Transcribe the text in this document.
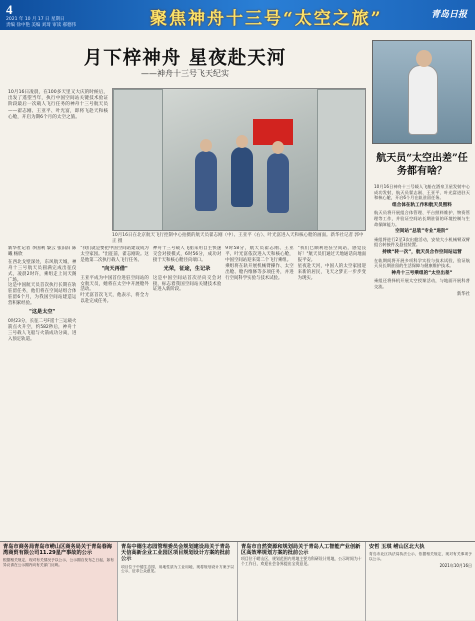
4
2021 年 10 月 17 日 星期日
责编 徐中艳 美编 刘琦 审读 郝德伟	聚焦神舟十三号“太空之旅”	青岛日报
月下梓神舟 星夜赴天河
——神舟十三号飞天纪实
10月16日凌晨，在100多天里又大庆的时候后，出发了遥望当年，执行中国空间站关键技术验证阶段最后一次载人飞行任务的神舟十三号航天员——翟志刚、王亚平、叶光富，即将飞赴天和核心舱，开启为期6个月的太空之旅。
10月16日在北京航天飞行控制中心拍摄的航天员翟志刚（中）、王亚平（右）、叶光富进入天和核心舱的画面。新华社记者 郭中正 摄
新华社记者 李国利 黎云 张汨汨 陈曦 杨欣

在西北戈壁深处，东风航天城，神舟十三号航天员圆满完成出征仪式，凌晨2时许，乘组走上问天阁广场。

这是中国航天员首次执行长期在轨驻留任务，他们将在空间站组合体驻留6个月，为我国空间站建造运营积累经验。

"这是太空"

0时23分，长征二号F遥十三运载火箭点火升空，约582秒后，神舟十三号载人飞船与火箭成功分离，进入预定轨道。

"我们就是要把中国空间站建设成为太空家园。"出征前，翟志刚说。这是他第二次执行载人飞行任务。

"向天再借"

王亚平成为中国首位进驻空间站的女航天员，她将在太空中开展舱外活动。

叶光富首次飞天，他表示，将全力以赴完成任务。

神舟十三号载人飞船采用自主快速交会对接模式，6时56分，成功对接于天和核心舱径向端口。

光荣，征途，生记录

这是中国空间站首次径向交会对接，标志着我国空间站关键技术验证进入新阶段。

9时58分，航天员翟志刚、王亚平、叶光富依次进入天和核心舱，中国空间站迎来第二个飞行乘组。

乘组将在轨开展机械臂操作、太空出舱、舱内维修等多项任务，并进行空间科学实验与技术试验。

"我们已顺利进驻空间站，感觉良好！"航天员们通过天地通话向地面报平安。

星夜赴天河，中国人的太空家园迎来新的居民，飞天之梦正一步步变为现实。

航天员“太空出差”任务都有啥？

10月16日神舟十三号载人飞船在酒泉卫星发射中心成功发射，航天员翟志刚、王亚平、叶光富进驻天和核心舱，开启6个月在轨驻留任务。

组合体在轨工作和航天员照料

航天员将开展组合体管理、平台照料维护、物资管理等工作，并验证空间站长期驻留的环境控制与生命保障能力。

空间站“总装”专业“进阶”

乘组将进行2至3次出舱活动，安装大小机械臂双臂组合转接件及悬挂装置。

持续“转一次”，航天员合作空间站运营

在轨期间将开展多项科学实验与技术试验，验证航天员长期驻留的生活保障与健康维护技术。

神舟十三号乘组的“太空出差”

乘组还将择机开展太空授课活动，与地面开展科普交流。

新华社
青岛市商务局青岛市崂山区商务局关于青岛春海湾商贸有限公司11.29星产事故的公示
根据相关规定，现对有关情况予以公示，公示期自发布之日起，如有异议请在公示期内向有关部门反映。
青岛中德生态园管理委员会规划建设局关于青岛天信高新企业工业园区项目规划设计方案的批前公示
项目位于中德生态园，用地性质为工业用地，现将规划设计方案予以公示，征求公众意见。
青岛市自然资源和规划局关于青岛人工智能产业创新区高效率规划方案的批前公示
项目位于崂山区，规划范围内用地主要为科研设计用地，公示时间为十个工作日，欢迎社会各界提出宝贵意见。
安哲 玉琪 崂山区北大执
青岛市北区执法局执法公示，依据相关规定，现对有关事项予以公示。
2021年10月16日
